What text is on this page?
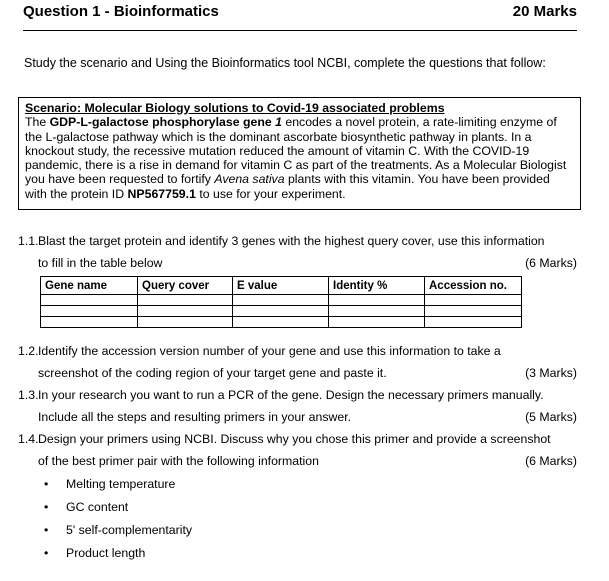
Question 1 - Bioinformatics	20 Marks
Study the scenario and Using the Bioinformatics tool NCBI, complete the questions that follow:
Scenario: Molecular Biology solutions to Covid-19 associated problems

The GDP-L-galactose phosphorylase gene 1 encodes a novel protein, a rate-limiting enzyme of the L-galactose pathway which is the dominant ascorbate biosynthetic pathway in plants. In a knockout study, the recessive mutation reduced the amount of vitamin C. With the COVID-19 pandemic, there is a rise in demand for vitamin C as part of the treatments. As a Molecular Biologist you have been requested to fortify Avena sativa plants with this vitamin. You have been provided with the protein ID NP567759.1 to use for your experiment.

1.1. Blast the target protein and identify 3 genes with the highest query cover, use this information
to fill in the table below	(6 Marks)
Gene name	Query cover	E value	Identity %	Accession no.

1.2. Identify the accession version number of your gene and use this information to take a
screenshot of the coding region of your target gene and paste it.	(3 Marks)
1.3. In your research you want to run a PCR of the gene. Design the necessary primers manually.
Include all the steps and resulting primers in your answer.	(5 Marks)
1.4. Design your primers using NCBI. Discuss why you chose this primer and provide a screenshot
of the best primer pair with the following information	(6 Marks)
• Melting temperature
• GC content
• 5' self-complementarity
• Product length
